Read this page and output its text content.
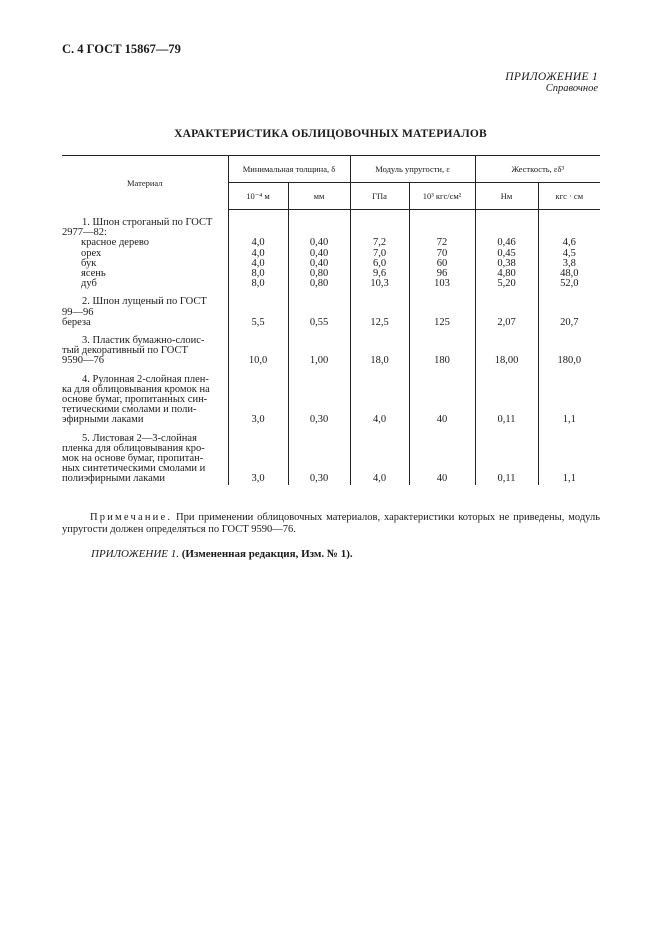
С. 4 ГОСТ 15867—79
ПРИЛОЖЕНИЕ 1
Справочное
ХАРАКТЕРИСТИКА ОБЛИЦОВОЧНЫХ МАТЕРИАЛОВ
Материал	Минимальная толщина, δ		Модуль упругости, ε		Жесткость, εδ³	
	10⁻⁴ м	мм	ГПа	10³ кгс/см²	Нм	кгс · см

1. Шпон строганый по ГОСТ
2977—82:						

красное дерево	4,0	0,40	7,2	72	0,46	4,6

орех	4,0	0,40	7,0	70	0,45	4,5

бук	4,0	0,40	6,0	60	0,38	3,8

ясень	8,0	0,80	9,6	96	4,80	48,0

дуб	8,0	0,80	10,3	103	5,20	52,0

2. Шпон лущеный по ГОСТ
99—96
береза	5,5	0,55	12,5	125	2,07	20,7

3. Пластик бумажно-слоис-
тый декоративный по ГОСТ
9590—76	10,0	1,00	18,0	180	18,00	180,0

4. Рулонная 2-слойная плен-
ка для облицовывания кромок на
основе бумаг, пропитанных син-
тетическими смолами и поли-
эфирными лаками	3,0	0,30	4,0	40	0,11	1,1

5. Листовая 2—3-слойная
пленка для облицовывания кро-
мок на основе бумаг, пропитан-
ных синтетическими смолами и
полиэфирными лаками	3,0	0,30	4,0	40	0,11	1,1
Примечание. При применении облицовочных материалов, характеристики которых не приведены, модуль упругости должен определяться по ГОСТ 9590—76.
ПРИЛОЖЕНИЕ 1. (Измененная редакция, Изм. № 1).
